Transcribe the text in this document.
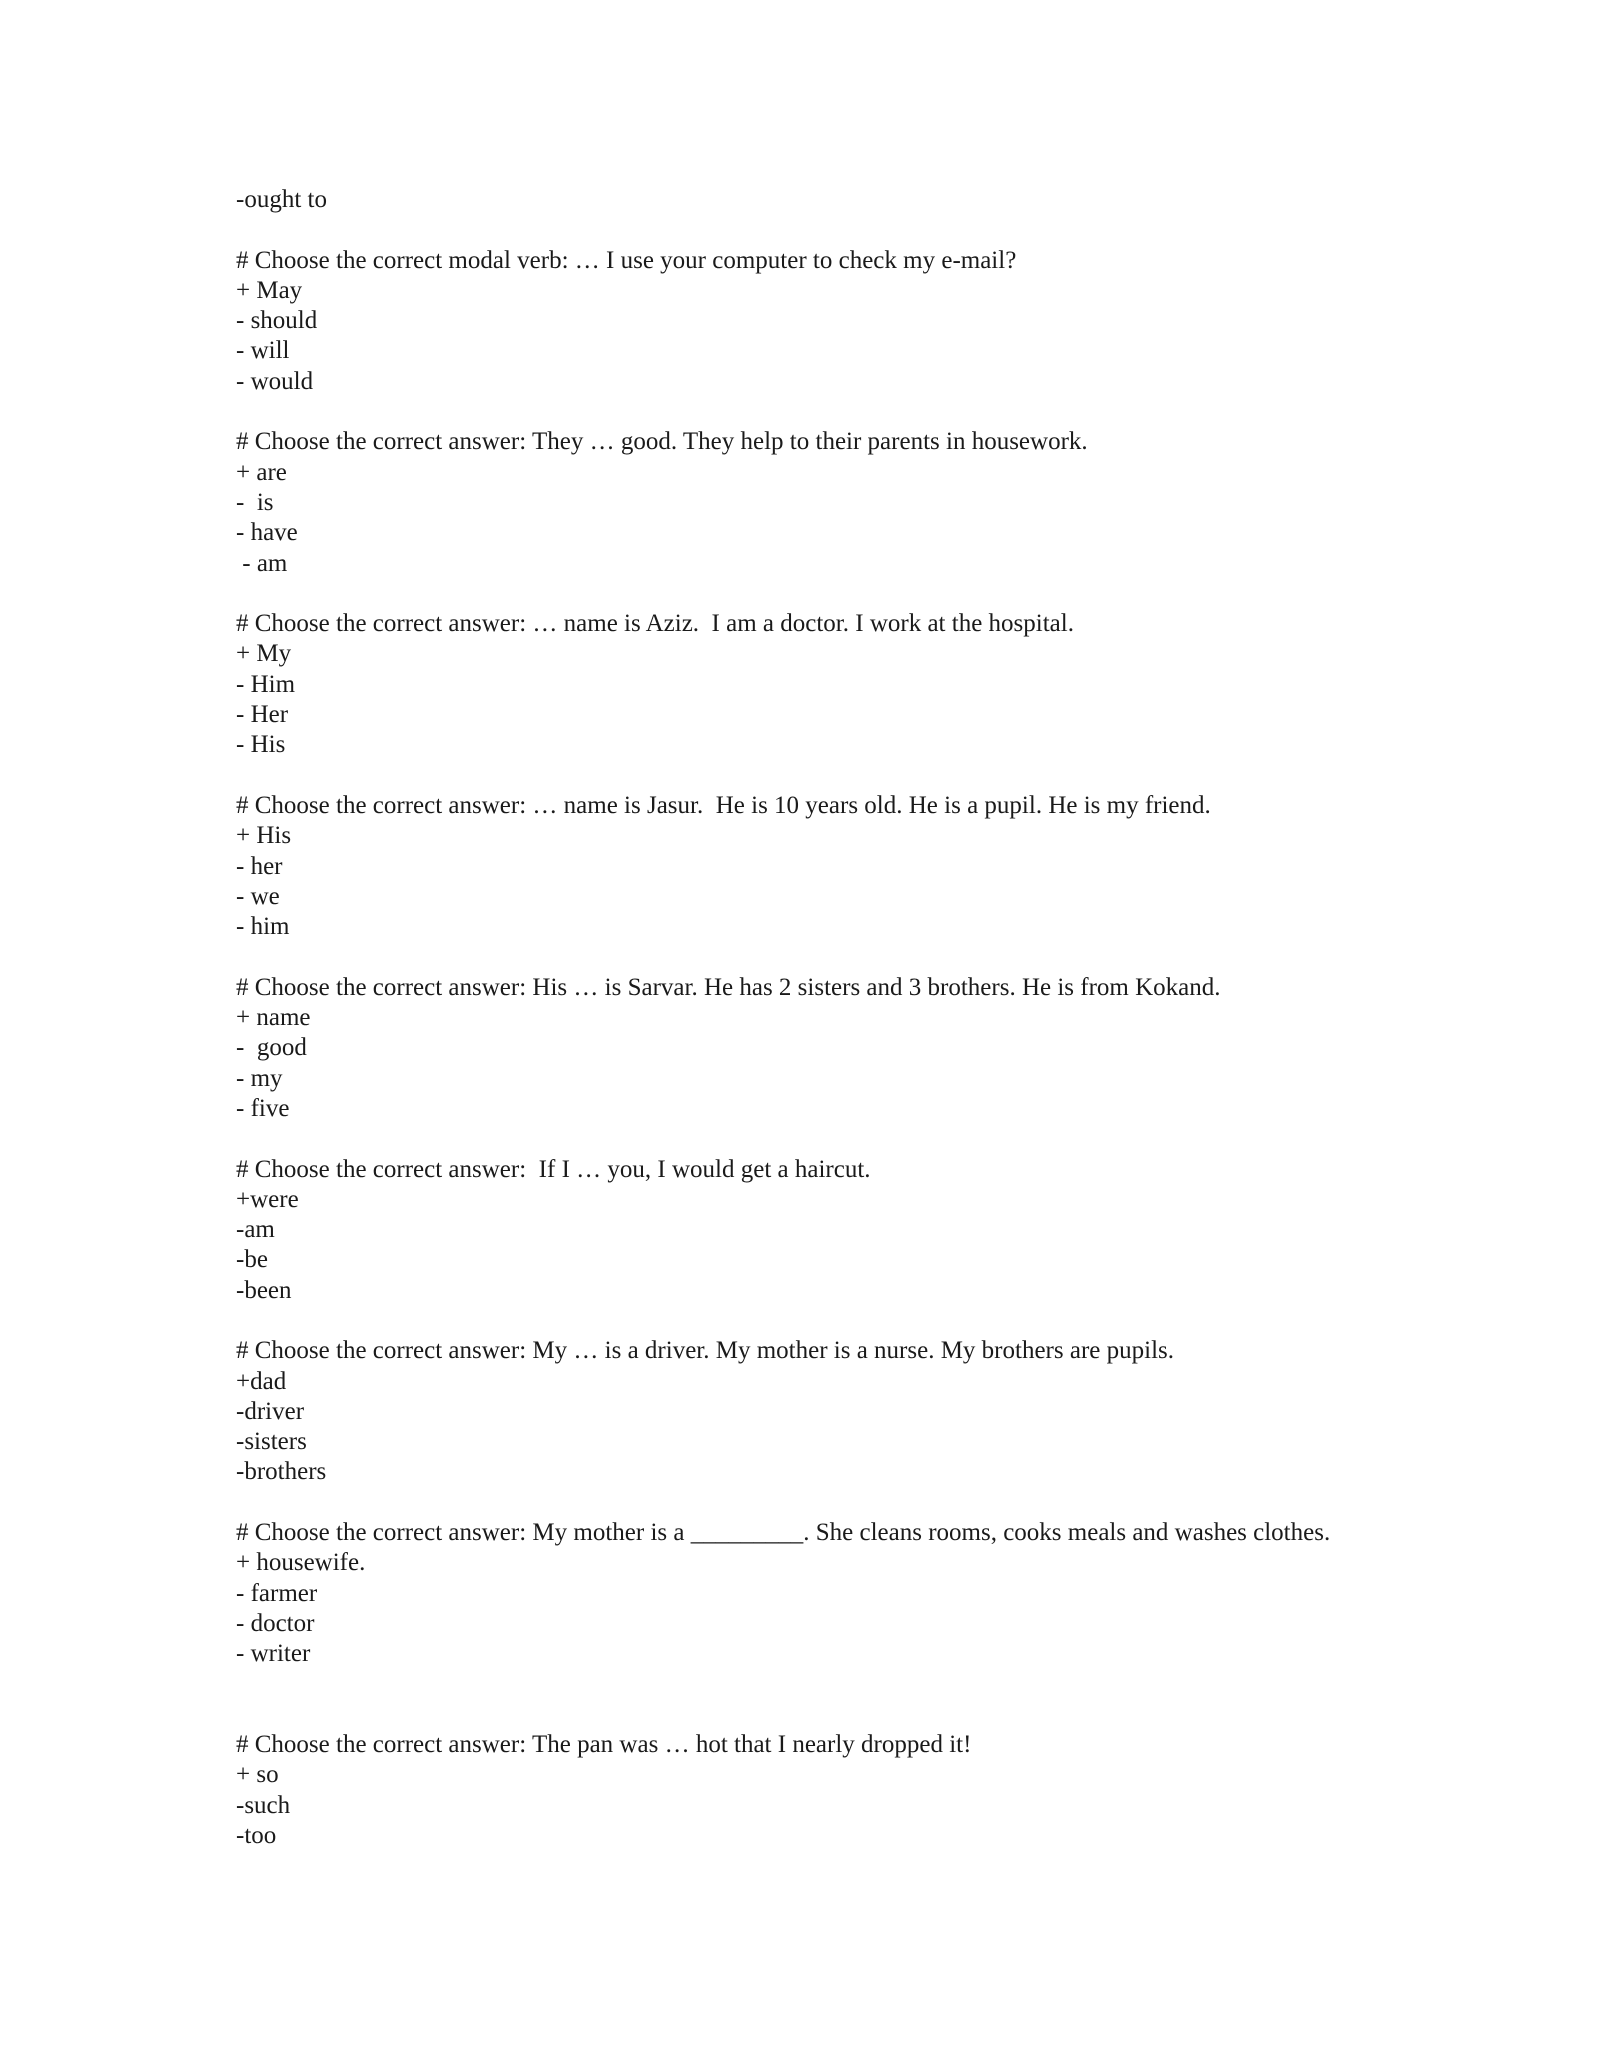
-ought to
# Choose the correct modal verb: … I use your computer to check my e-mail?
+ May
- should
- will
- would
# Choose the correct answer: They … good. They help to their parents in housework.
+ are
-  is
- have
- am
# Choose the correct answer: … name is Aziz.  I am a doctor. I work at the hospital.
+ My
- Him
- Her
- His
# Choose the correct answer: … name is Jasur.  He is 10 years old. He is a pupil. He is my friend.
+ His
- her
- we
- him
# Choose the correct answer: His … is Sarvar. He has 2 sisters and 3 brothers. He is from Kokand.
+ name
-  good
- my
- five
# Choose the correct answer:  If I … you, I would get a haircut.
+were
-am
-be
-been
# Choose the correct answer: My … is a driver. My mother is a nurse. My brothers are pupils.
+dad
-driver
-sisters
-brothers
# Choose the correct answer: My mother is a _________. She cleans rooms, cooks meals and washes clothes.
+ housewife.
- farmer
- doctor
- writer
# Choose the correct answer: The pan was … hot that I nearly dropped it!
+ so
-such
-too
